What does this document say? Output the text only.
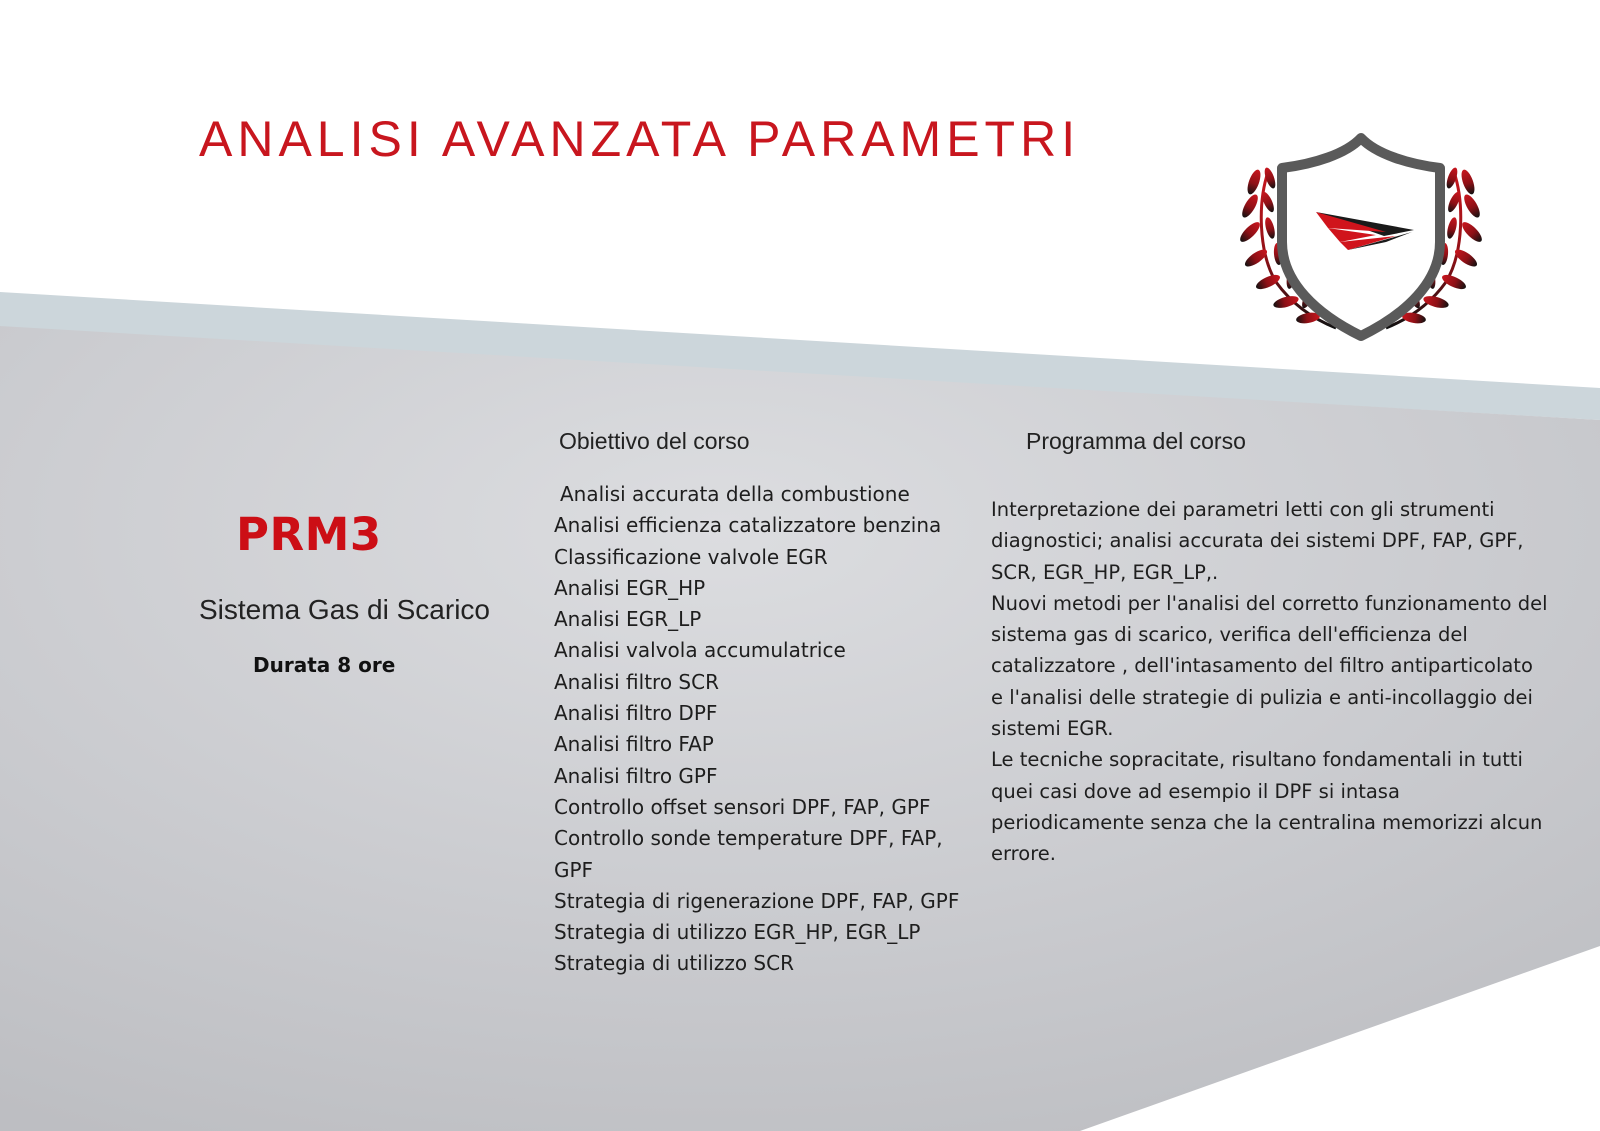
ANALISI AVANZATA PARAMETRI
PRM3
Sistema Gas di Scarico
Durata 8 ore
Obiettivo del corso
Analisi accurata della combustione
Analisi efficienza catalizzatore benzina
Classificazione valvole EGR
Analisi EGR_HP
Analisi EGR_LP
Analisi valvola accumulatrice
Analisi filtro SCR
Analisi filtro DPF
Analisi filtro FAP
Analisi filtro GPF
Controllo offset sensori DPF, FAP, GPF
Controllo sonde temperature DPF, FAP, GPF
Strategia di rigenerazione DPF, FAP, GPF
Strategia di utilizzo EGR_HP, EGR_LP
Strategia di utilizzo SCR
Programma del corso
Interpretazione dei parametri letti con gli strumenti diagnostici; analisi accurata dei sistemi DPF, FAP, GPF, SCR, EGR_HP, EGR_LP,.
Nuovi metodi per l'analisi del corretto funzionamento del sistema gas di scarico, verifica dell'efficienza del catalizzatore , dell'intasamento del filtro antiparticolato e l'analisi delle strategie di pulizia e anti-incollaggio dei sistemi EGR.
Le tecniche sopracitate, risultano fondamentali in tutti quei casi dove ad esempio il DPF si intasa periodicamente senza che la centralina memorizzi alcun errore.
